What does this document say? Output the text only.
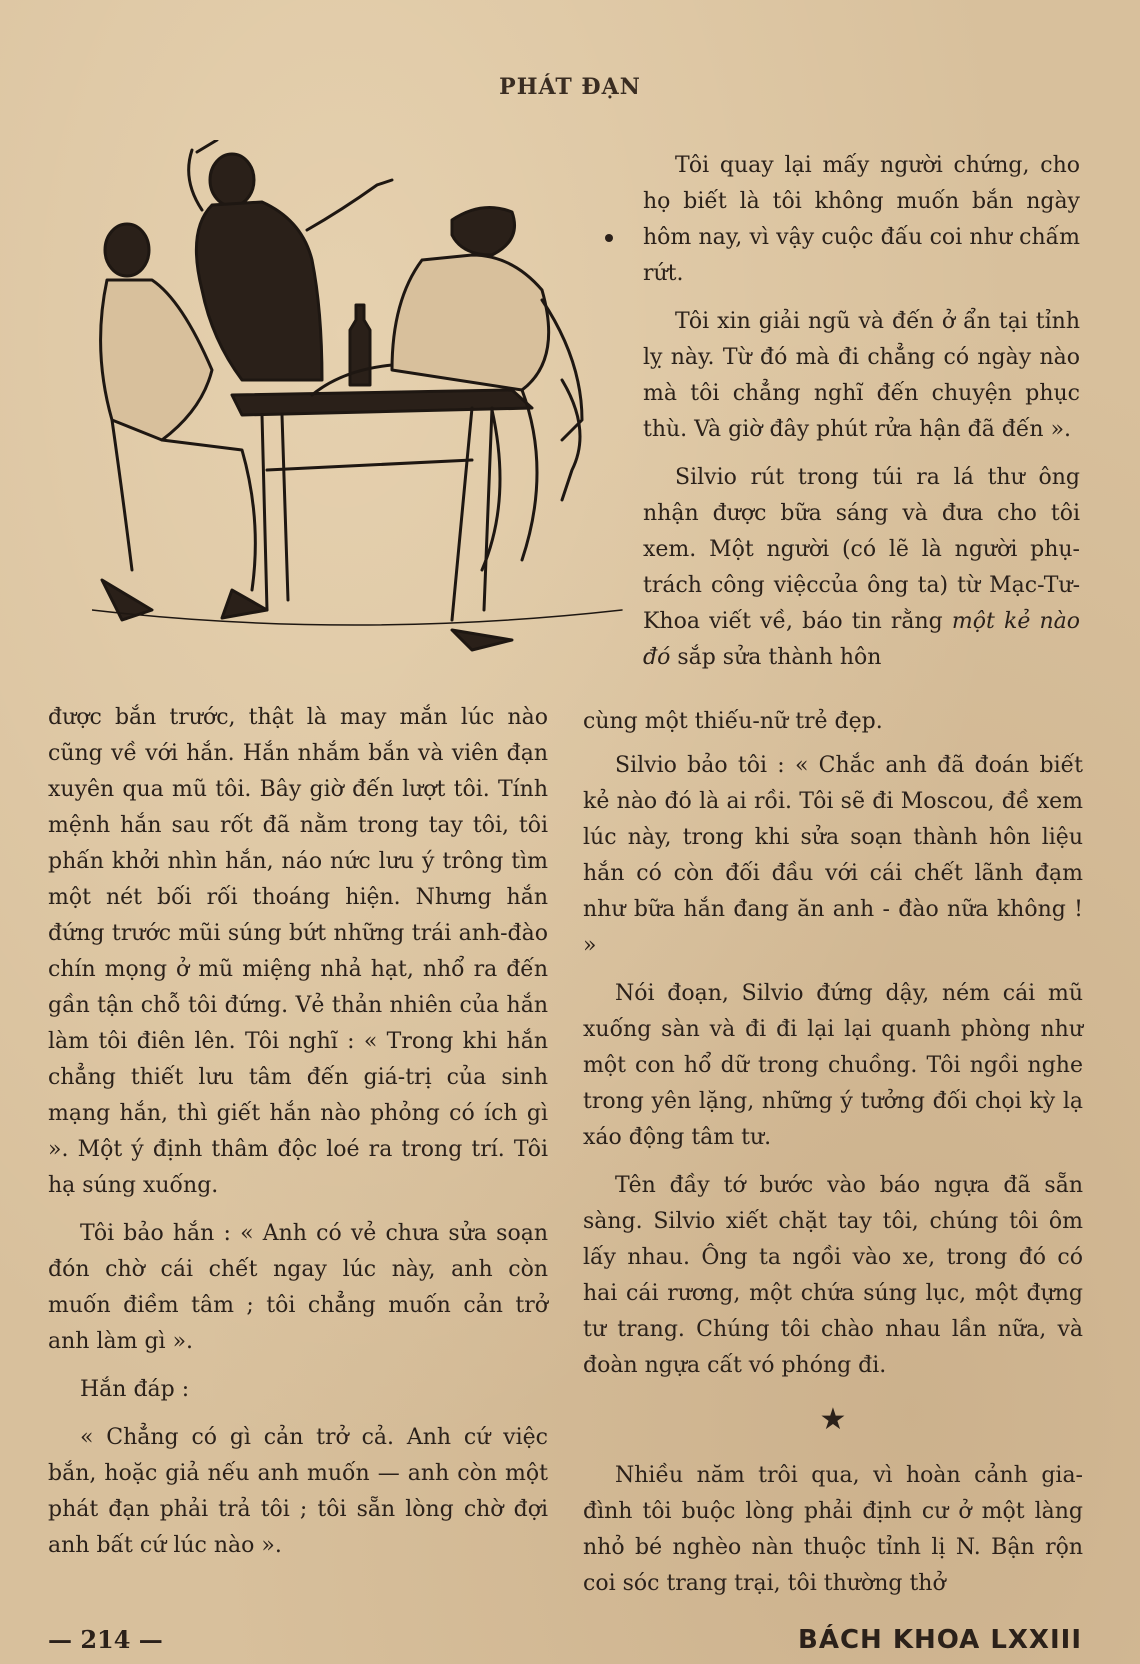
PHÁT ĐẠN

Tôi quay lại mấy người chứng, cho họ biết là tôi không muốn bắn ngày hôm nay, vì vậy cuộc đấu coi như chấm rứt.

Tôi xin giải ngũ và đến ở ẩn tại tỉnh lỵ này. Từ đó mà đi chẳng có ngày nào mà tôi chẳng nghĩ đến chuyện phục thù. Và giờ đây phút rửa hận đã đến ».

Silvio rút trong túi ra lá thư ông nhận được bữa sáng và đưa cho tôi xem. Một người (có lẽ là người phụ-trách công việccủa ông ta) từ Mạc-Tư-Khoa viết về, báo tin rằng một kẻ nào đó sắp sửa thành hôn

cùng một thiếu-nữ trẻ đẹp.

Silvio bảo tôi : « Chắc anh đã đoán biết kẻ nào đó là ai rồi. Tôi sẽ đi Moscou, đề xem lúc này, trong khi sửa soạn thành hôn liệu hắn có còn đối đầu với cái chết lãnh đạm như bữa hắn đang ăn anh - đào nữa không ! »

Nói đoạn, Silvio đứng dậy, ném cái mũ xuống sàn và đi đi lại lại quanh phòng như một con hổ dữ trong chuồng. Tôi ngồi nghe trong yên lặng, những ý tưởng đối chọi kỳ lạ xáo động tâm tư.

Tên đầy tớ bước vào báo ngựa đã sẵn sàng. Silvio xiết chặt tay tôi, chúng tôi ôm lấy nhau. Ông ta ngồi vào xe, trong đó có hai cái rương, một chứa súng lục, một đựng tư trang. Chúng tôi chào nhau lần nữa, và đoàn ngựa cất vó phóng đi.

★

Nhiều năm trôi qua, vì hoàn cảnh gia-đình tôi buộc lòng phải định cư ở một làng nhỏ bé nghèo nàn thuộc tỉnh lị N. Bận rộn coi sóc trang trại, tôi thường thở

được bắn trước, thật là may mắn lúc nào cũng về với hắn. Hắn nhắm bắn và viên đạn xuyên qua mũ tôi. Bây giờ đến lượt tôi. Tính mệnh hắn sau rốt đã nằm trong tay tôi, tôi phấn khởi nhìn hắn, náo nức lưu ý trông tìm một nét bối rối thoáng hiện. Nhưng hắn đứng trước mũi súng bứt những trái anh-đào chín mọng ở mũ miệng nhả hạt, nhổ ra đến gần tận chỗ tôi đứng. Vẻ thản nhiên của hắn làm tôi điên lên. Tôi nghĩ : « Trong khi hắn chẳng thiết lưu tâm đến giá-trị của sinh mạng hắn, thì giết hắn nào phỏng có ích gì ». Một ý định thâm độc loé ra trong trí. Tôi hạ súng xuống.

Tôi bảo hắn : « Anh có vẻ chưa sửa soạn đón chờ cái chết ngay lúc này, anh còn muốn điềm tâm ; tôi chẳng muốn cản trở anh làm gì ».

Hắn đáp :

« Chẳng có gì cản trở cả. Anh cứ việc bắn, hoặc giả nếu anh muốn — anh còn một phát đạn phải trả tôi ; tôi sẵn lòng chờ đợi anh bất cứ lúc nào ».

— 214 —	BÁCH KHOA LXXIII
